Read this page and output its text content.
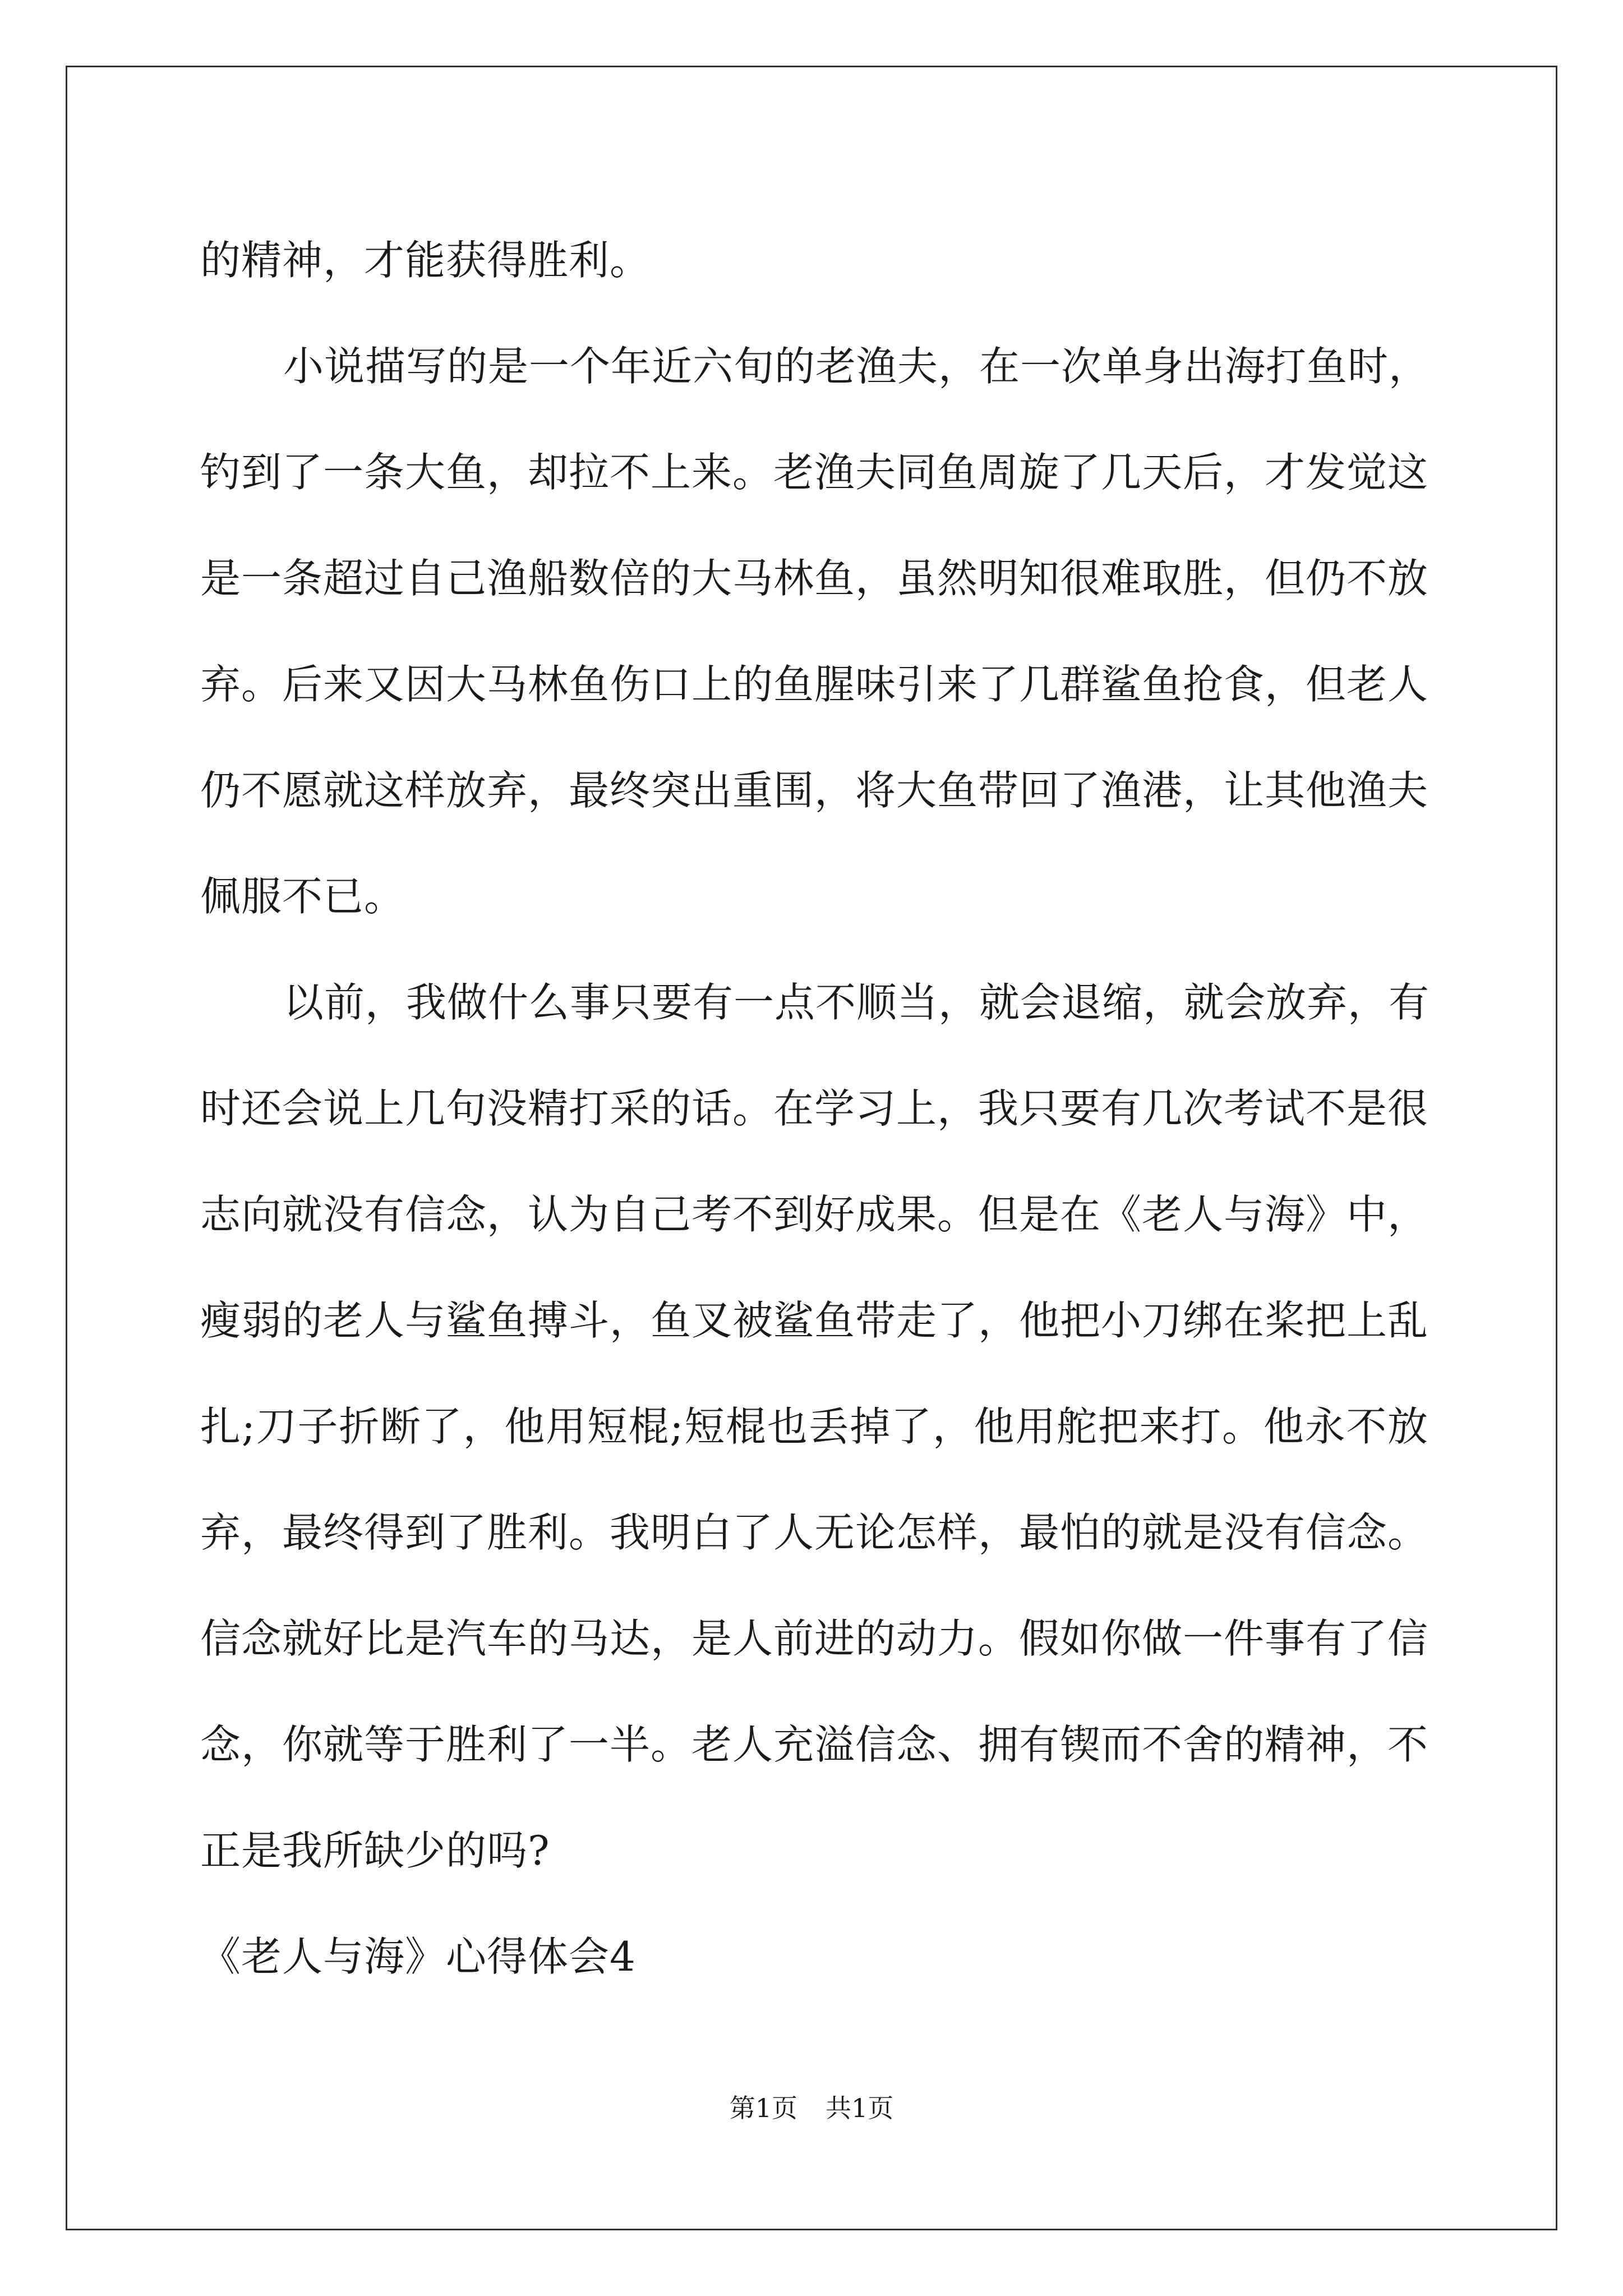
的精神，才能获得胜利。
小说描写的是一个年近六旬的老渔夫，在一次单身出海打鱼时，
钓到了一条大鱼，却拉不上来。老渔夫同鱼周旋了几天后，才发觉这
是一条超过自己渔船数倍的大马林鱼，虽然明知很难取胜，但仍不放
弃。后来又因大马林鱼伤口上的鱼腥味引来了几群鲨鱼抢食，但老人
仍不愿就这样放弃，最终突出重围，将大鱼带回了渔港，让其他渔夫
佩服不已。
以前，我做什么事只要有一点不顺当，就会退缩，就会放弃，有
时还会说上几句没精打采的话。在学习上，我只要有几次考试不是很
志向就没有信念，认为自己考不到好成果。但是在《老人与海》中，
瘦弱的老人与鲨鱼搏斗，鱼叉被鲨鱼带走了，他把小刀绑在桨把上乱
扎;刀子折断了，他用短棍;短棍也丢掉了，他用舵把来打。他永不放
弃，最终得到了胜利。我明白了人无论怎样，最怕的就是没有信念。
信念就好比是汽车的马达，是人前进的动力。假如你做一件事有了信
念，你就等于胜利了一半。老人充溢信念、拥有锲而不舍的精神，不
正是我所缺少的吗?
《老人与海》心得体会4
第1页 共1页
